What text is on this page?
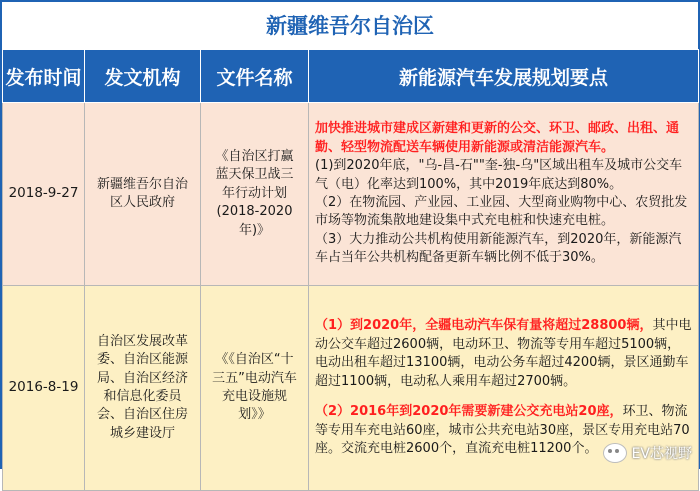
新疆维吾尔自治区
发布时间	发文机构	文件名称	新能源汽车发展规划要点
2018-9-27	新疆维吾尔自治区人民政府	《自治区打赢蓝天保卫战三年行动计划(2018-2020年)》	加快推进城市建成区新建和更新的公交、环卫、邮政、出租、通勤、轻型物流配送车辆使用新能源或清洁能源汽车。

(1)到2020年底，"乌-昌-石""奎-独-乌"区域出租车及城市公交车气（电）化率达到100%，其中2019年底达到80%。

（2）在物流园、产业园、工业园、大型商业购物中心、农贸批发市场等物流集散地建设集中式充电桩和快速充电桩。

（3）大力推动公共机构使用新能源汽车，到2020年，新能源汽车占当年公共机构配备更新车辆比例不低于30%。

2016-8-19	自治区发展改革委、自治区能源局、自治区经济和信息化委员会、自治区住房城乡建设厅	《《自治区“十三五”电动汽车充电设施规划》》	（1）到2020年，全疆电动汽车保有量将超过28800辆，其中电动公交车超过2600辆，电动环卫、物流等专用车超过5100辆，电动出租车超过13100辆，电动公务车超过4200辆，景区通勤车超过1100辆，电动私人乘用车超过2700辆。

（2）2016年到2020年需要新建公交充电站20座，环卫、物流等专用车充电站60座，城市公共充电站30座，景区专用充电站70座。交流充电桩2600个，直流充电桩11200个。

EV芯视野
